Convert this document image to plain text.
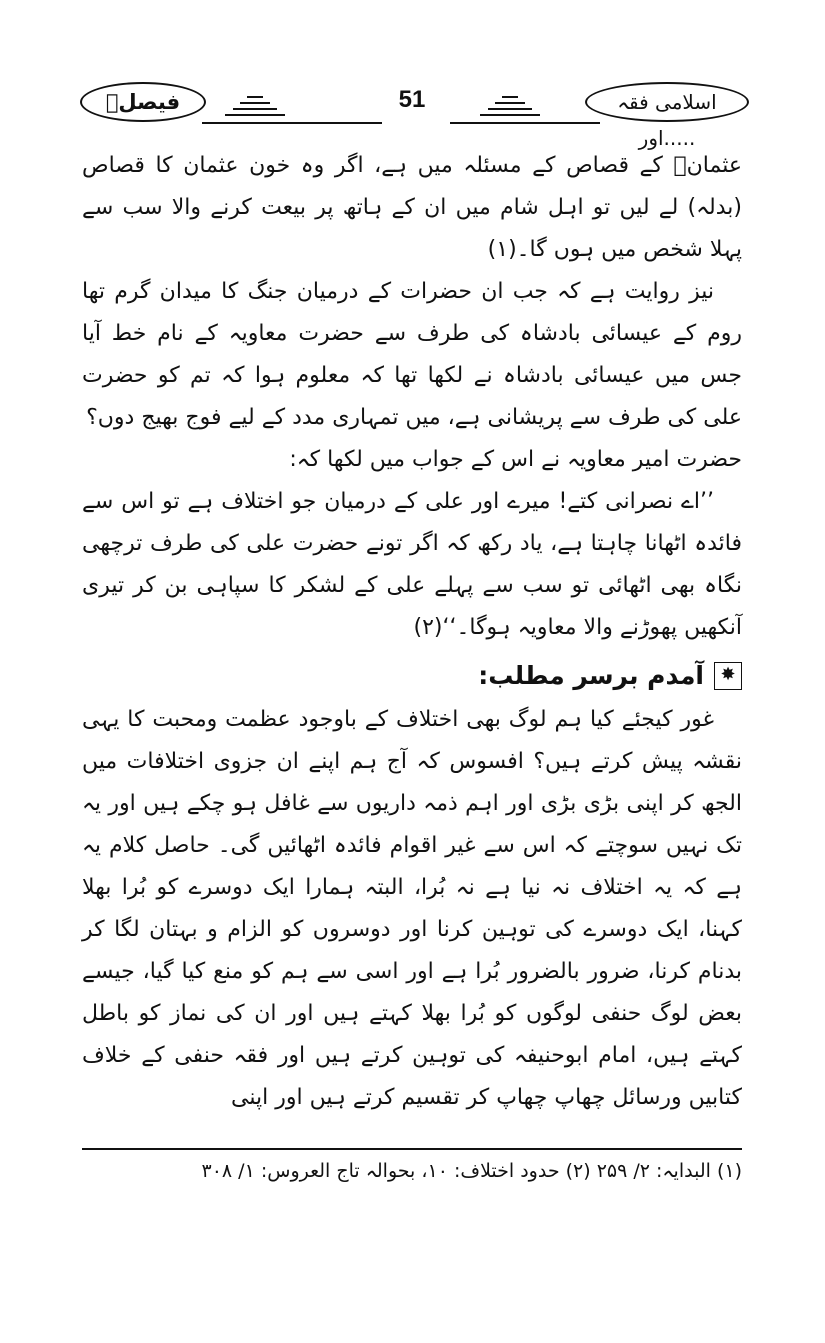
فیصلؔ	51	اسلامی فقہ اور.....

عثمانؓ کے قصاص کے مسئلہ میں ہے، اگر وہ خون عثمان کا قصاص (بدلہ) لے لیں تو اہل شام میں ان کے ہاتھ پر بیعت کرنے والا سب سے پہلا شخص میں ہوں گا۔(۱)

نیز روایت ہے کہ جب ان حضرات کے درمیان جنگ کا میدان گرم تھا روم کے عیسائی بادشاہ کی طرف سے حضرت معاویہ کے نام خط آیا جس میں عیسائی بادشاہ نے لکھا تھا کہ معلوم ہوا کہ تم کو حضرت علی کی طرف سے پریشانی ہے، میں تمہاری مدد کے لیے فوج بھیج دوں؟

حضرت امیر معاویہ نے اس کے جواب میں لکھا کہ:

’’اے نصرانی کتے! میرے اور علی کے درمیان جو اختلاف ہے تو اس سے فائدہ اٹھانا چاہتا ہے، یاد رکھ کہ اگر تونے حضرت علی کی طرف ترچھی نگاہ بھی اٹھائی تو سب سے پہلے علی کے لشکر کا سپاہی بن کر تیری آنکھیں پھوڑنے والا معاویہ ہوگا۔‘‘(۲)

✸
آمدم برسر مطلب:

غور کیجئے کیا ہم لوگ بھی اختلاف کے باوجود عظمت ومحبت کا یہی نقشہ پیش کرتے ہیں؟ افسوس کہ آج ہم اپنے ان جزوی اختلافات میں الجھ کر اپنی بڑی بڑی اور اہم ذمہ داریوں سے غافل ہو چکے ہیں اور یہ تک نہیں سوچتے کہ اس سے غیر اقوام فائدہ اٹھائیں گی۔ حاصل کلام یہ ہے کہ یہ اختلاف نہ نیا ہے نہ بُرا، البتہ ہمارا ایک دوسرے کو بُرا بھلا کہنا، ایک دوسرے کی توہین کرنا اور دوسروں کو الزام و بہتان لگا کر بدنام کرنا، ضرور بالضرور بُرا ہے اور اسی سے ہم کو منع کیا گیا، جیسے بعض لوگ حنفی لوگوں کو بُرا بھلا کہتے ہیں اور ان کی نماز کو باطل کہتے ہیں، امام ابوحنیفہ کی توہین کرتے ہیں اور فقہ حنفی کے خلاف کتابیں ورسائل چھاپ چھاپ کر تقسیم کرتے ہیں اور اپنی

(۱) البدایہ: ۲/ ۲۵۹ (۲) حدود اختلاف: ۱۰، بحوالہ تاج العروس: ۱/ ۳۰۸
